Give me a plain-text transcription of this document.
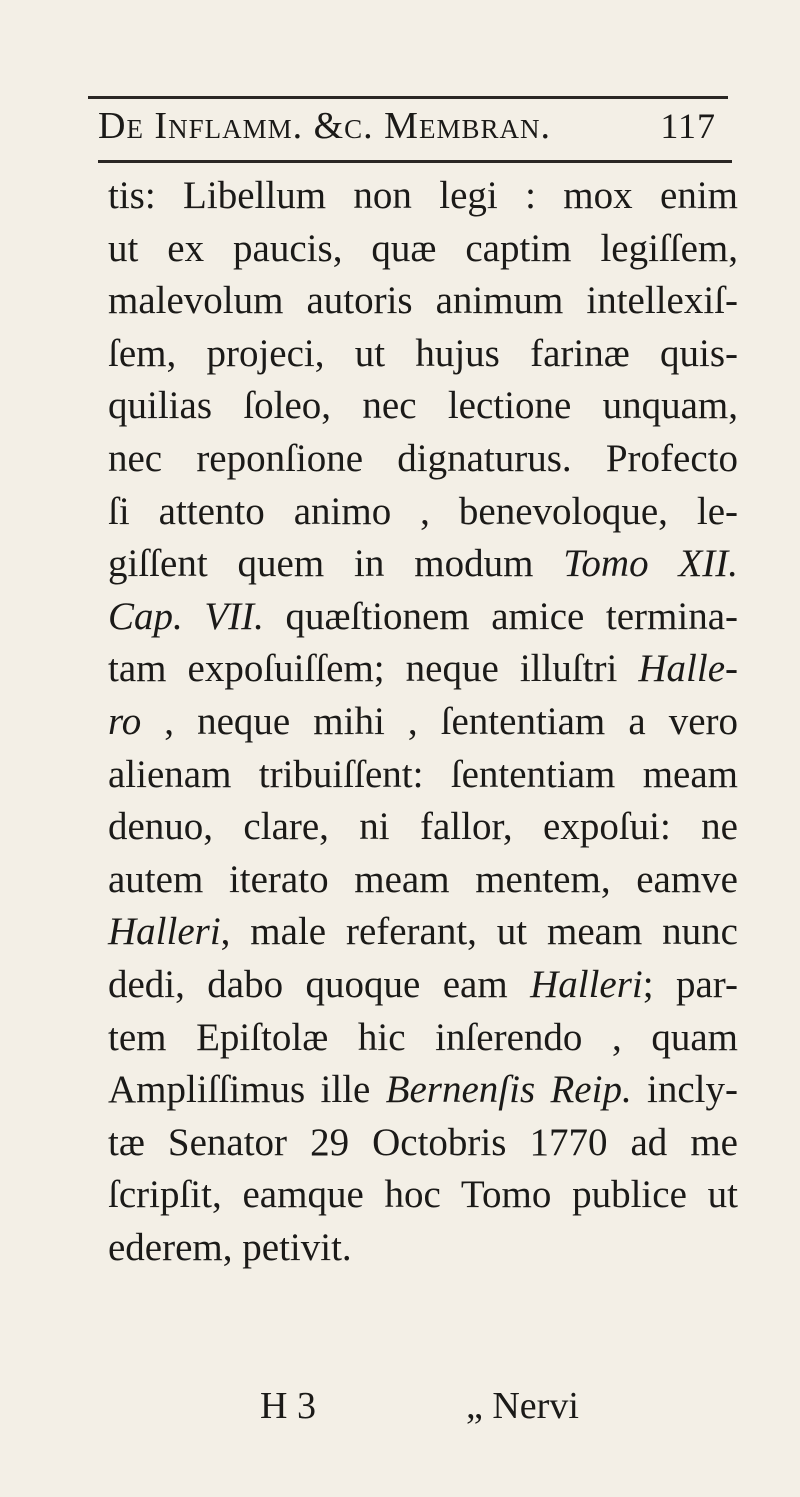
De Inflamm. &c. Membran.	117
tis: Libellum non legi : mox enim
ut ex paucis, quæ captim legiſſem,
malevolum autoris animum intellexiſ-
ſem, projeci, ut hujus farinæ quis-
quilias ſoleo, nec lectione unquam,
nec reponſione dignaturus. Profecto
ſi attento animo , benevoloque, le-
giſſent quem in modum Tomo XII.
Cap. VII. quæſtionem amice termina-
tam expoſuiſſem; neque illuſtri Halle-
ro , neque mihi , ſententiam a vero
alienam tribuiſſent: ſententiam meam
denuo, clare, ni fallor, expoſui: ne
autem iterato meam mentem, eamve
Halleri, male referant, ut meam nunc
dedi, dabo quoque eam Halleri; par-
tem Epiſtolæ hic inſerendo , quam
Ampliſſimus ille Bernenſis Reip. incly-
tæ Senator 29 Octobris 1770 ad me
ſcripſit, eamque hoc Tomo publice ut
ederem, petivit.
H 3	„ Nervi
